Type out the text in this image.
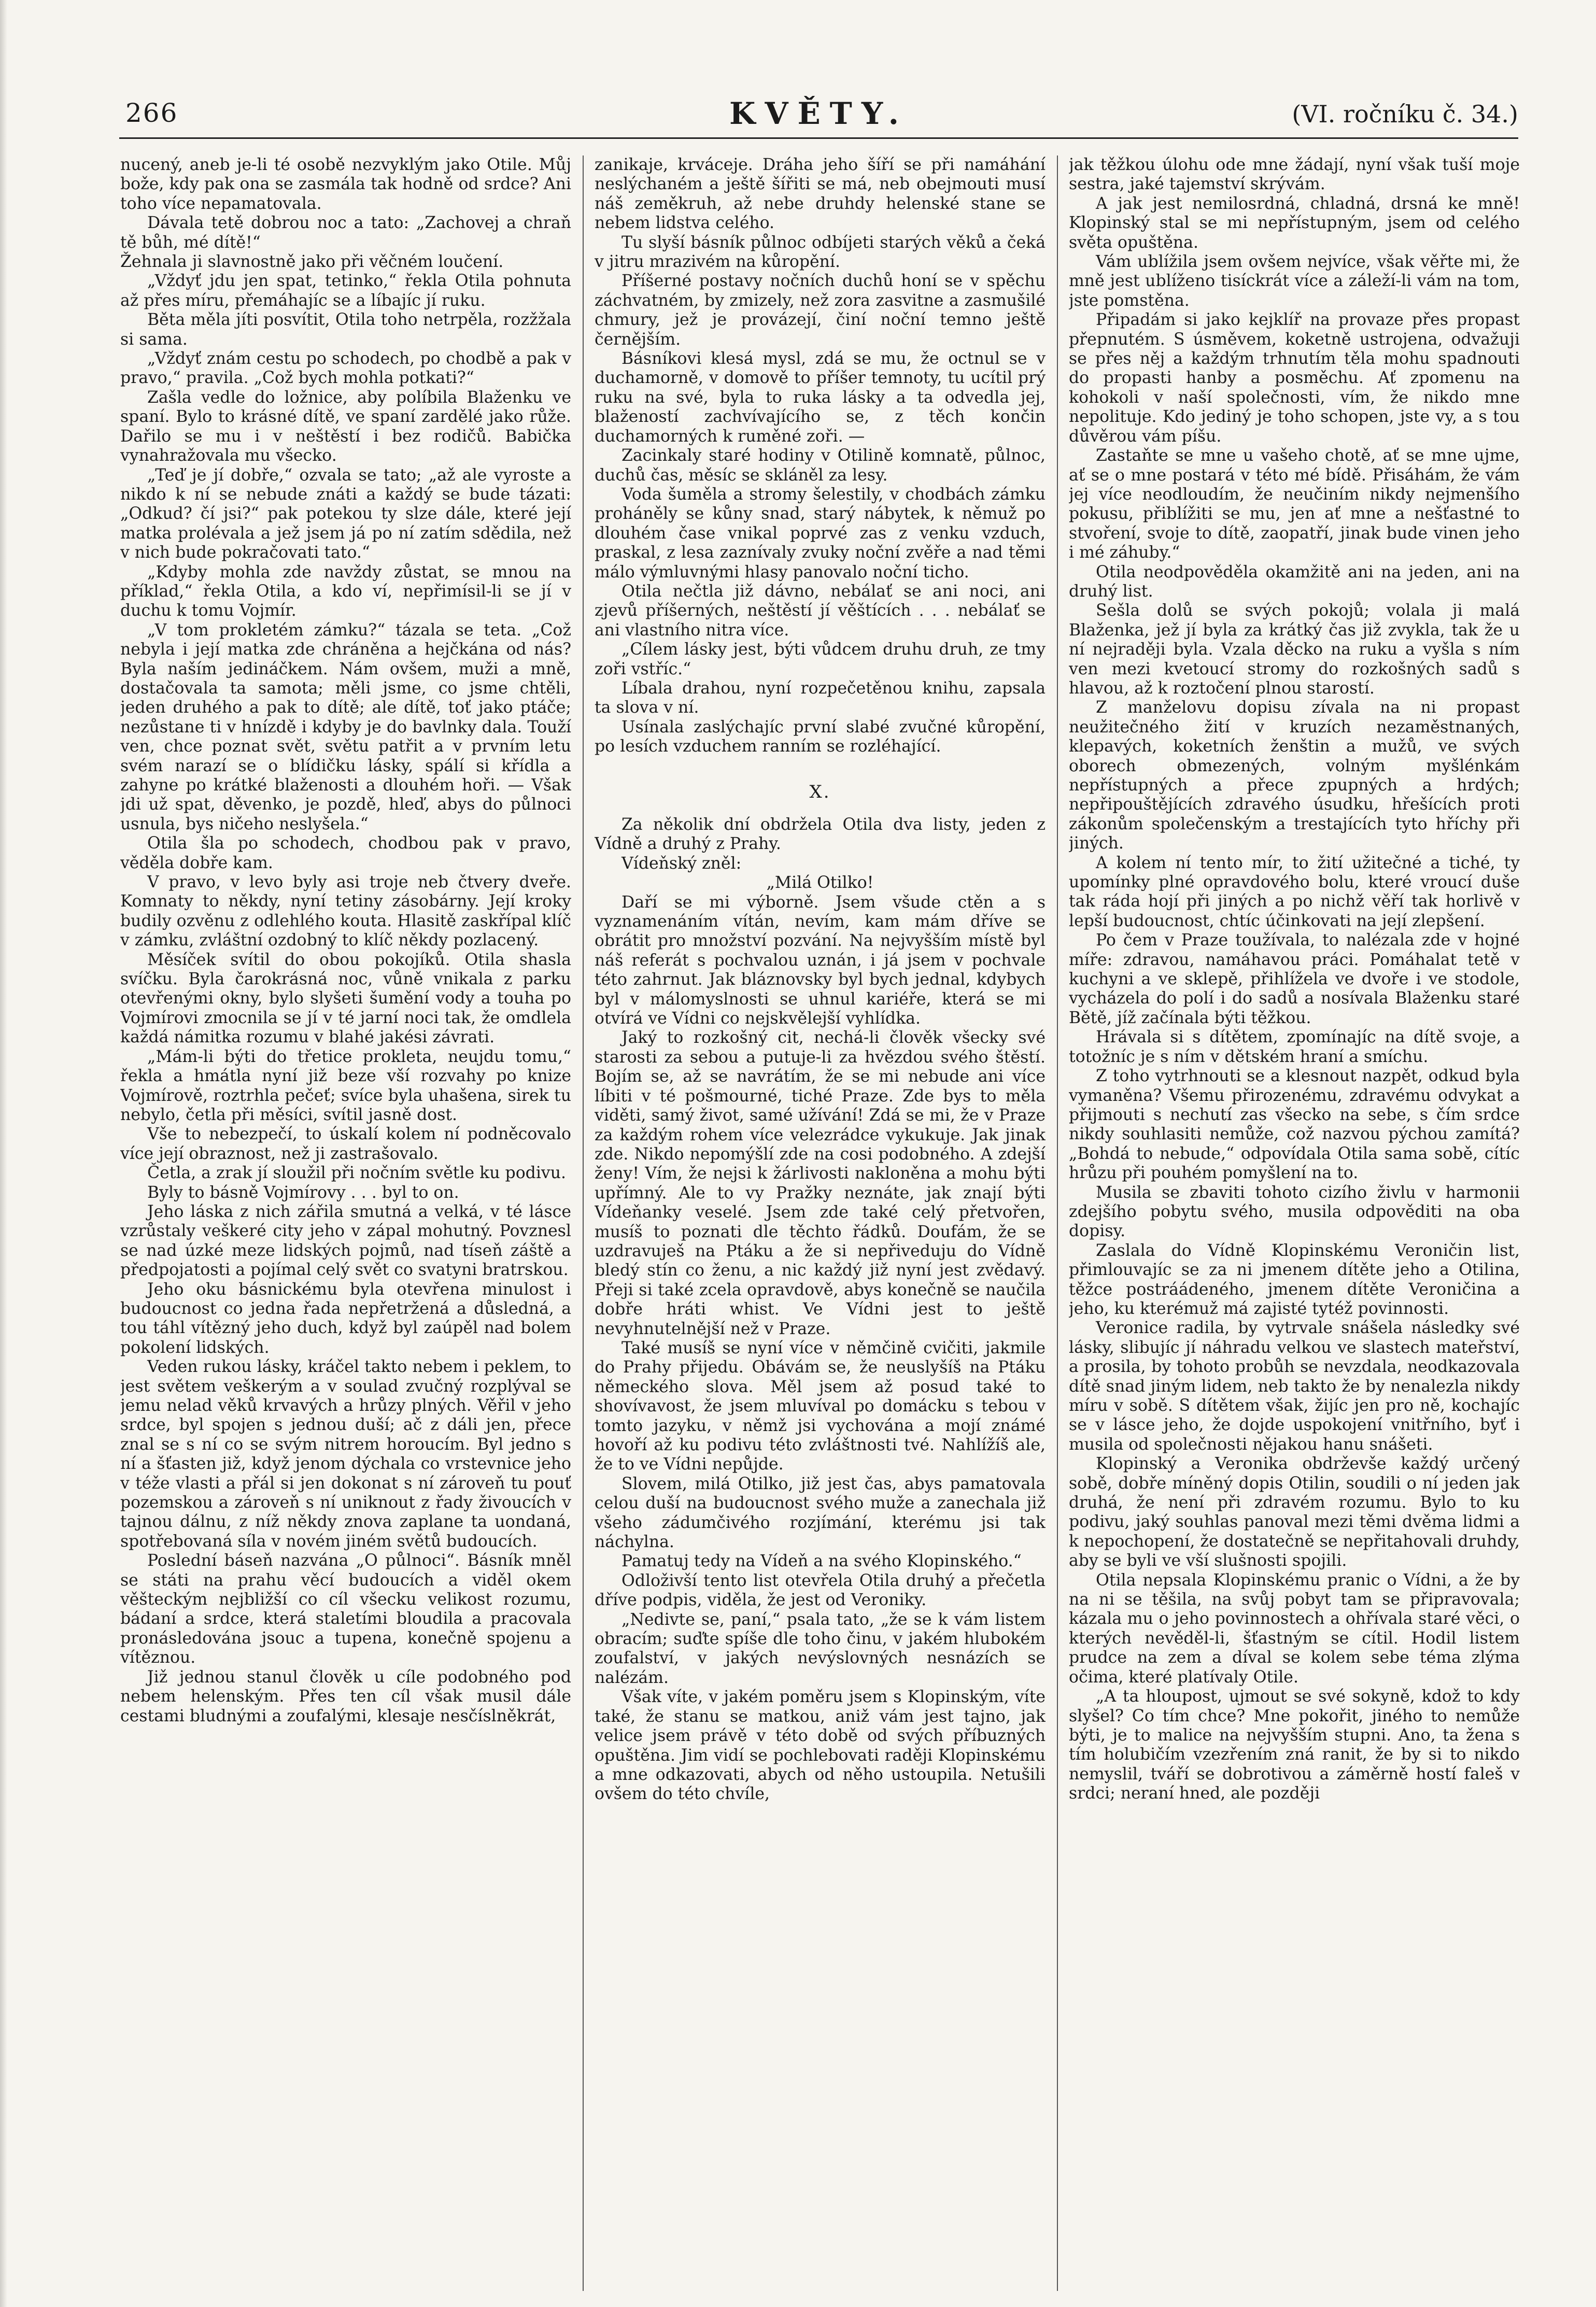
266	KVĚTY.	(VI. ročníku č. 34.)

nucený, aneb je-li té osobě nezvyklým jako Otile. Můj bože, kdy pak ona se zasmála tak hodně od srdce? Ani toho více nepamatovala.

Dávala tetě dobrou noc a tato: „Zachovej a chraň tě bůh, mé dítě!“

Žehnala ji slavnostně jako při věčném loučení.

„Vždyť jdu jen spat, tetinko,“ řekla Otila pohnuta až přes míru, přemáhajíc se a líbajíc jí ruku.

Běta měla jíti posvítit, Otila toho netrpěla, rozžžala si sama.

„Vždyť znám cestu po schodech, po chodbě a pak v pravo,“ pravila. „Což bych mohla potkati?“

Zašla vedle do ložnice, aby políbila Blaženku ve spaní. Bylo to krásné dítě, ve spaní zardělé jako růže. Dařilo se mu i v neštěstí i bez rodičů. Babička vynahražovala mu všecko.

„Teď je jí dobře,“ ozvala se tato; „až ale vyroste a nikdo k ní se nebude znáti a každý se bude tázati: „Odkud? čí jsi?“ pak potekou ty slze dále, které její matka prolévala a jež jsem já po ní zatím sdědila, než v nich bude pokračovati tato.“

„Kdyby mohla zde navždy zůstat, se mnou na příklad,“ řekla Otila, a kdo ví, nepřimísil-li se jí v duchu k tomu Vojmír.

„V tom prokletém zámku?“ tázala se teta. „Což nebyla i její matka zde chráněna a hejčkána od nás? Byla naším jedináčkem. Nám ovšem, muži a mně, dostačovala ta samota; měli jsme, co jsme chtěli, jeden druhého a pak to dítě; ale dítě, toť jako ptáče; nezůstane ti v hnízdě i kdyby je do bavlnky dala. Touží ven, chce poznat svět, světu patřit a v prvním letu svém narazí se o blídičku lásky, spálí si křídla a zahyne po krátké blaženosti a dlouhém hoři. — Však jdi už spat, děvenko, je pozdě, hleď, abys do půlnoci usnula, bys ničeho neslyšela.“

Otila šla po schodech, chodbou pak v pravo, věděla dobře kam.

V pravo, v levo byly asi troje neb čtvery dveře. Komnaty to někdy, nyní tetiny zásobárny. Její kroky budily ozvěnu z odlehlého kouta. Hlasitě zaskřípal klíč v zámku, zvláštní ozdobný to klíč někdy pozlacený.

Měsíček svítil do obou pokojíků. Otila shasla svíčku. Byla čarokrásná noc, vůně vnikala z parku otevřenými okny, bylo slyšeti šumění vody a touha po Vojmírovi zmocnila se jí v té jarní noci tak, že omdlela každá námitka rozumu v blahé jakési závrati.

„Mám-li býti do třetice prokleta, neujdu tomu,“ řekla a hmátla nyní již beze vší rozvahy po knize Vojmírově, roztrhla pečeť; svíce byla uhašena, sirek tu nebylo, četla při měsíci, svítil jasně dost.

Vše to nebezpečí, to úskalí kolem ní podněcovalo více její obraznost, než ji zastrašovalo.

Četla, a zrak jí sloužil při nočním světle ku podivu.

Byly to básně Vojmírovy . . . byl to on.

Jeho láska z nich zářila smutná a velká, v té lásce vzrůstaly veškeré city jeho v zápal mohutný. Povznesl se nad úzké meze lidských pojmů, nad tíseň záště a předpojatosti a pojímal celý svět co svatyni bratrskou.

Jeho oku básnickému byla otevřena minulost i budoucnost co jedna řada nepřetržená a důsledná, a tou táhl vítězný jeho duch, když byl zaúpěl nad bolem pokolení lidských.

Veden rukou lásky, kráčel takto nebem i peklem, to jest světem veškerým a v soulad zvučný rozplýval se jemu nelad věků krvavých a hrůzy plných. Věřil v jeho srdce, byl spojen s jednou duší; ač z dáli jen, přece znal se s ní co se svým nitrem horoucím. Byl jedno s ní a šťasten již, když jenom dýchala co vrstevnice jeho v téže vlasti a přál si jen dokonat s ní zároveň tu pouť pozemskou a zároveň s ní uniknout z řady živoucích v tajnou dálnu, z níž někdy znova zaplane ta uondaná, spotřebovaná síla v novém jiném světů budoucích.

Poslední báseň nazvána „O půlnoci“. Básník mněl se státi na prahu věcí budoucích a viděl okem věšteckým nejbližší co cíl všecku velikost rozumu, bádaní a srdce, která staletími bloudila a pracovala pronásledována jsouc a tupena, konečně spojenu a vítěznou.

Již jednou stanul člověk u cíle podobného pod nebem helenským. Přes ten cíl však musil dále cestami bludnými a zoufalými, klesaje nesčíslněkrát,

zanikaje, krváceje. Dráha jeho šíří se při namáhání neslýchaném a ještě šířiti se má, neb obejmouti musí náš zeměkruh, až nebe druhdy helenské stane se nebem lidstva celého.

Tu slyší básník půlnoc odbíjeti starých věků a čeká v jitru mrazivém na kůropění.

Příšerné postavy nočních duchů honí se v spěchu záchvatném, by zmizely, než zora zasvitne a zasmušilé chmury, jež je provázejí, činí noční temno ještě černějším.

Básníkovi klesá mysl, zdá se mu, že octnul se v duchamorně, v domově to příšer temnoty, tu ucítil prý ruku na své, byla to ruka lásky a ta odvedla jej, blažeností zachvívajícího se, z těch končin duchamorných k ruměné zoři. —

Zacinkaly staré hodiny v Otilině komnatě, půlnoc, duchů čas, měsíc se skláněl za lesy.

Voda šuměla a stromy šelestily, v chodbách zámku proháněly se kůny snad, starý nábytek, k němuž po dlouhém čase vnikal poprvé zas z venku vzduch, praskal, z lesa zaznívaly zvuky noční zvěře a nad těmi málo výmluvnými hlasy panovalo noční ticho.

Otila nečtla již dávno, nebálať se ani noci, ani zjevů příšerných, neštěstí jí věštících . . . nebálať se ani vlastního nitra více.

„Cílem lásky jest, býti vůdcem druhu druh, ze tmy zoři vstříc.“

Líbala drahou, nyní rozpečetěnou knihu, zapsala ta slova v ní.

Usínala zaslýchajíc první slabé zvučné kůropění, po lesích vzduchem ranním se rozléhající.

X.

Za několik dní obdržela Otila dva listy, jeden z Vídně a druhý z Prahy.

Vídeňský zněl:

„Milá Otilko!

Daří se mi výborně. Jsem všude ctěn a s vyznamenáním vítán, nevím, kam mám dříve se obrátit pro množství pozvání. Na nejvyšším místě byl náš referát s pochvalou uznán, i já jsem v pochvale této zahrnut. Jak bláznovsky byl bych jednal, kdybych byl v málomyslnosti se uhnul kariéře, která se mi otvírá ve Vídni co nejskvělejší vyhlídka.

Jaký to rozkošný cit, nechá-li člověk všecky své starosti za sebou a putuje-li za hvězdou svého štěstí. Bojím se, až se navrátím, že se mi nebude ani více líbiti v té pošmourné, tiché Praze. Zde bys to měla viděti, samý život, samé užívání! Zdá se mi, že v Praze za každým rohem více velezrádce vykukuje. Jak jinak zde. Nikdo nepomýšlí zde na cosi podobného. A zdejší ženy! Vím, že nejsi k žárlivosti nakloněna a mohu býti upřímný. Ale to vy Pražky neznáte, jak znají býti Vídeňanky veselé. Jsem zde také celý přetvořen, musíš to poznati dle těchto řádků. Doufám, že se uzdravuješ na Ptáku a že si nepřiveduju do Vídně bledý stín co ženu, a nic každý již nyní jest zvědavý. Přeji si také zcela opravdově, abys konečně se naučila dobře hráti whist. Ve Vídni jest to ještě nevyhnutelnější než v Praze.

Také musíš se nyní více v němčině cvičiti, jakmile do Prahy přijedu. Obávám se, že neuslyšíš na Ptáku německého slova. Měl jsem až posud také to shovívavost, že jsem mluvíval po domácku s tebou v tomto jazyku, v němž jsi vychována a mojí známé hovoří až ku podivu této zvláštnosti tvé. Nahlížíš ale, že to ve Vídni nepůjde.

Slovem, milá Otilko, již jest čas, abys pamatovala celou duší na budoucnost svého muže a zanechala již všeho zádumčivého rozjímání, kterému jsi tak náchylna.

Pamatuj tedy na Vídeň a na svého Klopinského.“

Odloživší tento list otevřela Otila druhý a přečetla dříve podpis, viděla, že jest od Veroniky.

„Nedivte se, paní,“ psala tato, „že se k vám listem obracím; suďte spíše dle toho činu, v jakém hlubokém zoufalství, v jakých nevýslovných nesnázích se nalézám.

Však víte, v jakém poměru jsem s Klopinským, víte také, že stanu se matkou, aniž vám jest tajno, jak velice jsem právě v této době od svých příbuzných opuštěna. Jim vidí se pochlebovati raději Klopinskému a mne odkazovati, abych od něho ustoupila. Netušili ovšem do této chvíle,

jak těžkou úlohu ode mne žádají, nyní však tuší moje sestra, jaké tajemství skrývám.

A jak jest nemilosrdná, chladná, drsná ke mně! Klopinský stal se mi nepřístupným, jsem od celého světa opuštěna.

Vám ublížila jsem ovšem nejvíce, však věřte mi, že mně jest ublíženo tisíckrát více a záleží-li vám na tom, jste pomstěna.

Připadám si jako kejklíř na provaze přes propast přepnutém. S úsměvem, koketně ustrojena, odvažuji se přes něj a každým trhnutím těla mohu spadnouti do propasti hanby a posměchu. Ať zpomenu na kohokoli v naší společnosti, vím, že nikdo mne nepolituje. Kdo jediný je toho schopen, jste vy, a s tou důvěrou vám píšu.

Zastaňte se mne u vašeho chotě, ať se mne ujme, ať se o mne postará v této mé bídě. Přisáhám, že vám jej více neodloudím, že neučiním nikdy nejmenšího pokusu, přiblížiti se mu, jen ať mne a nešťastné to stvoření, svoje to dítě, zaopatří, jinak bude vinen jeho i mé záhuby.“

Otila neodpověděla okamžitě ani na jeden, ani na druhý list.

Sešla dolů se svých pokojů; volala ji malá Blaženka, jež jí byla za krátký čas již zvykla, tak že u ní nejraději byla. Vzala děcko na ruku a vyšla s ním ven mezi kvetoucí stromy do rozkošných sadů s hlavou, až k roztočení plnou starostí.

Z manželovu dopisu zívala na ni propast neužitečného žití v kruzích nezaměstnaných, klepavých, koketních ženštin a mužů, ve svých oborech obmezených, volným myšlénkám nepřístupných a přece zpupných a hrdých; nepřipouštějících zdravého úsudku, hřešících proti zákonům společenským a trestajících tyto hříchy při jiných.

A kolem ní tento mír, to žití užitečné a tiché, ty upomínky plné opravdového bolu, které vroucí duše tak ráda hojí při jiných a po nichž věří tak horlivě v lepší budoucnost, chtíc účinkovati na její zlepšení.

Po čem v Praze toužívala, to nalézala zde v hojné míře: zdravou, namáhavou práci. Pomáhalat tetě v kuchyni a ve sklepě, přihlížela ve dvoře i ve stodole, vycházela do polí i do sadů a nosívala Blaženku staré Bětě, jíž začínala býti těžkou.

Hrávala si s dítětem, zpomínajíc na dítě svoje, a totožníc je s ním v dětském hraní a smíchu.

Z toho vytrhnouti se a klesnout nazpět, odkud byla vymaněna? Všemu přirozenému, zdravému odvykat a přijmouti s nechutí zas všecko na sebe, s čím srdce nikdy souhlasiti nemůže, což nazvou pýchou zamítá? „Bohdá to nebude,“ odpovídala Otila sama sobě, cítíc hrůzu při pouhém pomyšlení na to.

Musila se zbaviti tohoto cizího živlu v harmonii zdejšího pobytu svého, musila odpověditi na oba dopisy.

Zaslala do Vídně Klopinskému Veroničin list, přimlouvajíc se za ni jmenem dítěte jeho a Otilina, těžce postráádeného, jmenem dítěte Veroničina a jeho, ku kterémuž má zajisté tytéž povinnosti.

Veronice radila, by vytrvale snášela následky své lásky, slibujíc jí náhradu velkou ve slastech mateřství, a prosila, by tohoto probůh se nevzdala, neodkazovala dítě snad jiným lidem, neb takto že by nenalezla nikdy míru v sobě. S dítětem však, žijíc jen pro ně, kochajíc se v lásce jeho, že dojde uspokojení vnitřního, byť i musila od společnosti nějakou hanu snášeti.

Klopinský a Veronika obdrževše každý určený sobě, dobře míněný dopis Otilin, soudili o ní jeden jak druhá, že není při zdravém rozumu. Bylo to ku podivu, jaký souhlas panoval mezi těmi dvěma lidmi a k nepochopení, že dostatečně se nepřitahovali druhdy, aby se byli ve vší slušnosti spojili.

Otila nepsala Klopinskému pranic o Vídni, a že by na ni se těšila, na svůj pobyt tam se připravovala; kázala mu o jeho povinnostech a ohřívala staré věci, o kterých nevěděl-li, šťastným se cítil. Hodil listem prudce na zem a díval se kolem sebe téma zlýma očima, které platívaly Otile.

„A ta hloupost, ujmout se své sokyně, kdož to kdy slyšel? Co tím chce? Mne pokořit, jiného to nemůže býti, je to malice na nejvyšším stupni. Ano, ta žena s tím holubičím vzezřením zná ranit, že by si to nikdo nemyslil, tváří se dobrotivou a záměrně hostí faleš v srdci; neraní hned, ale později
